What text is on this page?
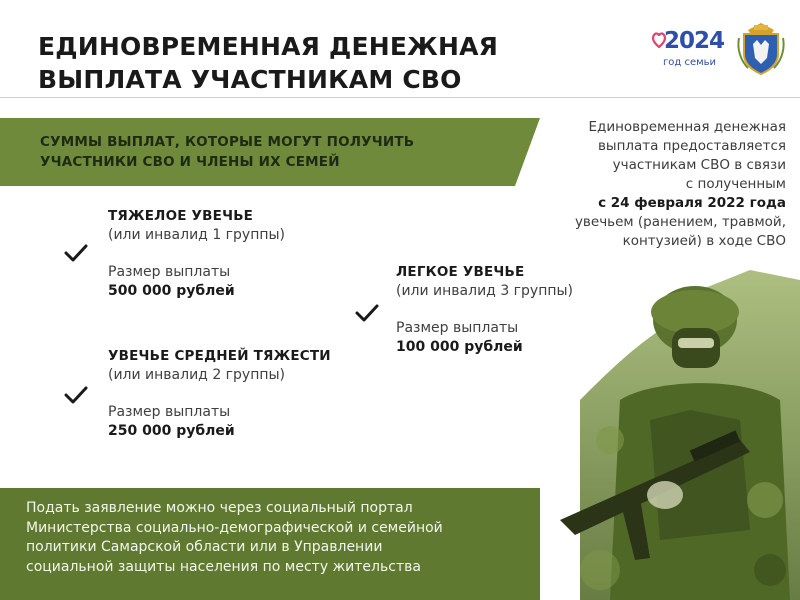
ЕДИНОВРЕМЕННАЯ ДЕНЕЖНАЯ
ВЫПЛАТА УЧАСТНИКАМ СВО
2024
год семьи
СУММЫ ВЫПЛАТ, КОТОРЫЕ МОГУТ ПОЛУЧИТЬ
УЧАСТНИКИ СВО И ЧЛЕНЫ ИХ СЕМЕЙ
Единовременная денежная
выплата предоставляется
участникам СВО в связи
с полученным
с 24 февраля 2022 года
увечьем (ранением, травмой,
контузией) в ходе СВО
ТЯЖЕЛОЕ УВЕЧЬЕ
(или инвалид 1 группы)
Размер выплаты
500 000 рублей
УВЕЧЬЕ СРЕДНЕЙ ТЯЖЕСТИ
(или инвалид 2 группы)
Размер выплаты
250 000 рублей
ЛЕГКОЕ УВЕЧЬЕ
(или инвалид 3 группы)
Размер выплаты
100 000 рублей
Подать заявление можно через социальный портал
Министерства социально-демографической и семейной
политики Самарской области или в Управлении
социальной защиты населения по месту жительства
